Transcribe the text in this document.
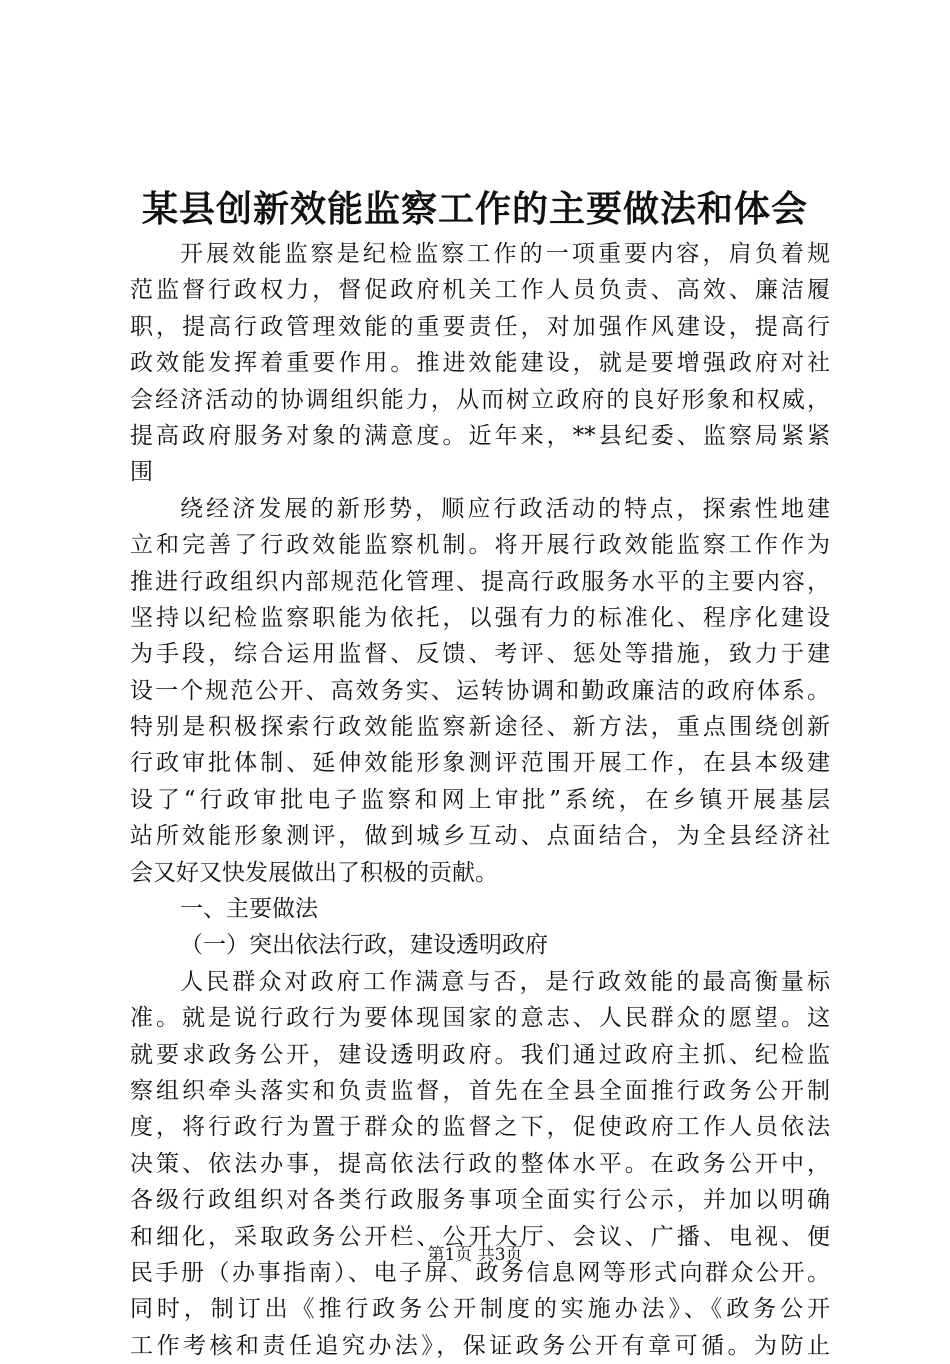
某县创新效能监察工作的主要做法和体会
开展效能监察是纪检监察工作的一项重要内容，肩负着规
范监督行政权力，督促政府机关工作人员负责、高效、廉洁履
职，提高行政管理效能的重要责任，对加强作风建设，提高行
政效能发挥着重要作用。推进效能建设，就是要增强政府对社
会经济活动的协调组织能力，从而树立政府的良好形象和权威，
提高政府服务对象的满意度。近年来，**县纪委、监察局紧紧
围
绕经济发展的新形势，顺应行政活动的特点，探索性地建
立和完善了行政效能监察机制。将开展行政效能监察工作作为
推进行政组织内部规范化管理、提高行政服务水平的主要内容，
坚持以纪检监察职能为依托，以强有力的标准化、程序化建设
为手段，综合运用监督、反馈、考评、惩处等措施，致力于建
设一个规范公开、高效务实、运转协调和勤政廉洁的政府体系。
特别是积极探索行政效能监察新途径、新方法，重点围绕创新
行政审批体制、延伸效能形象测评范围开展工作，在县本级建
设了“行政审批电子监察和网上审批”系统，在乡镇开展基层
站所效能形象测评，做到城乡互动、点面结合，为全县经济社
会又好又快发展做出了积极的贡献。
一、主要做法
（一）突出依法行政，建设透明政府
人民群众对政府工作满意与否，是行政效能的最高衡量标
准。就是说行政行为要体现国家的意志、人民群众的愿望。这
就要求政务公开，建设透明政府。我们通过政府主抓、纪检监
察组织牵头落实和负责监督，首先在全县全面推行政务公开制
度，将行政行为置于群众的监督之下，促使政府工作人员依法
决策、依法办事，提高依法行政的整体水平。在政务公开中，
各级行政组织对各类行政服务事项全面实行公示，并加以明确
和细化，采取政务公开栏、公开大厅、会议、广播、电视、便
民手册（办事指南）、电子屏、政务信息网等形式向群众公开。
同时，制订出《推行政务公开制度的实施办法》、《政务公开
工作考核和责任追究办法》，保证政务公开有章可循。为防止
第1页 共3页
